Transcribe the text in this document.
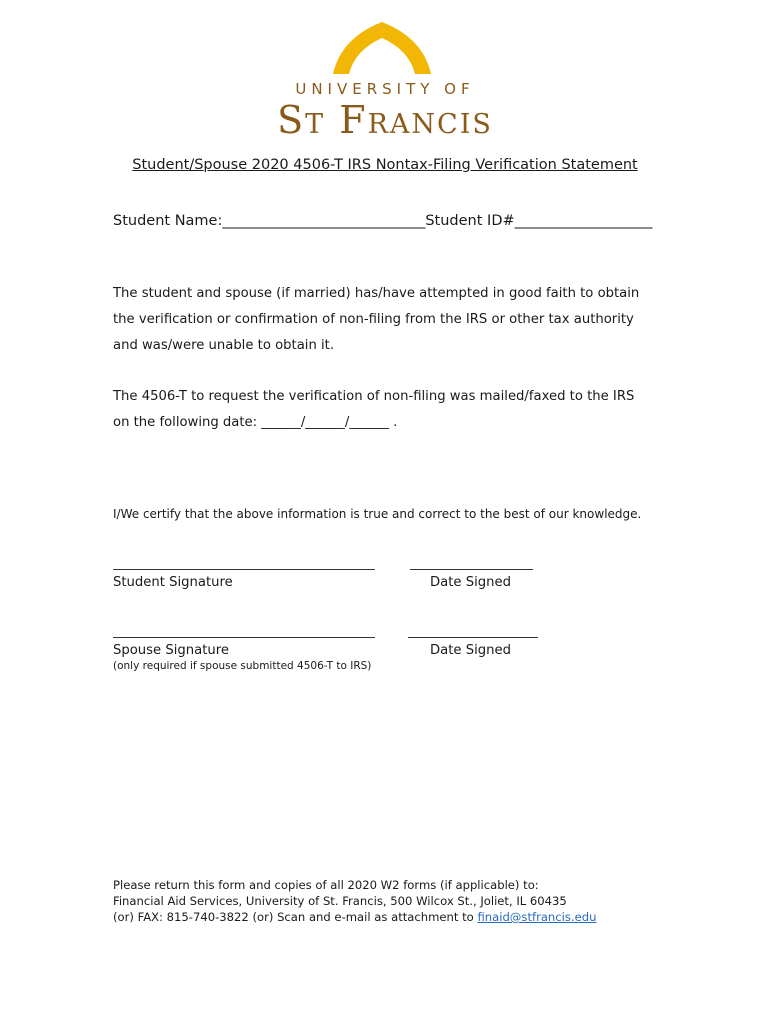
UNIVERSITY OF
St Francis
Student/Spouse 2020 4506-T IRS Nontax-Filing Verification Statement
Student Name:____________________________Student ID#___________________
The student and spouse (if married) has/have attempted in good faith to obtain the verification or confirmation of non-filing from the IRS or other tax authority and was/were unable to obtain it.
The 4506-T to request the verification of non-filing was mailed/faxed to the IRS on the following date: ______/______/______ .
I/We certify that the above information is true and correct to the best of our knowledge.
Student Signature	Date Signed
Spouse Signature	Date Signed
(only required if spouse submitted 4506-T to IRS)
Please return this form and copies of all 2020 W2 forms (if applicable) to:
Financial Aid Services, University of St. Francis, 500 Wilcox St., Joliet, IL 60435
(or) FAX: 815-740-3822 (or) Scan and e-mail as attachment to finaid@stfrancis.edu
